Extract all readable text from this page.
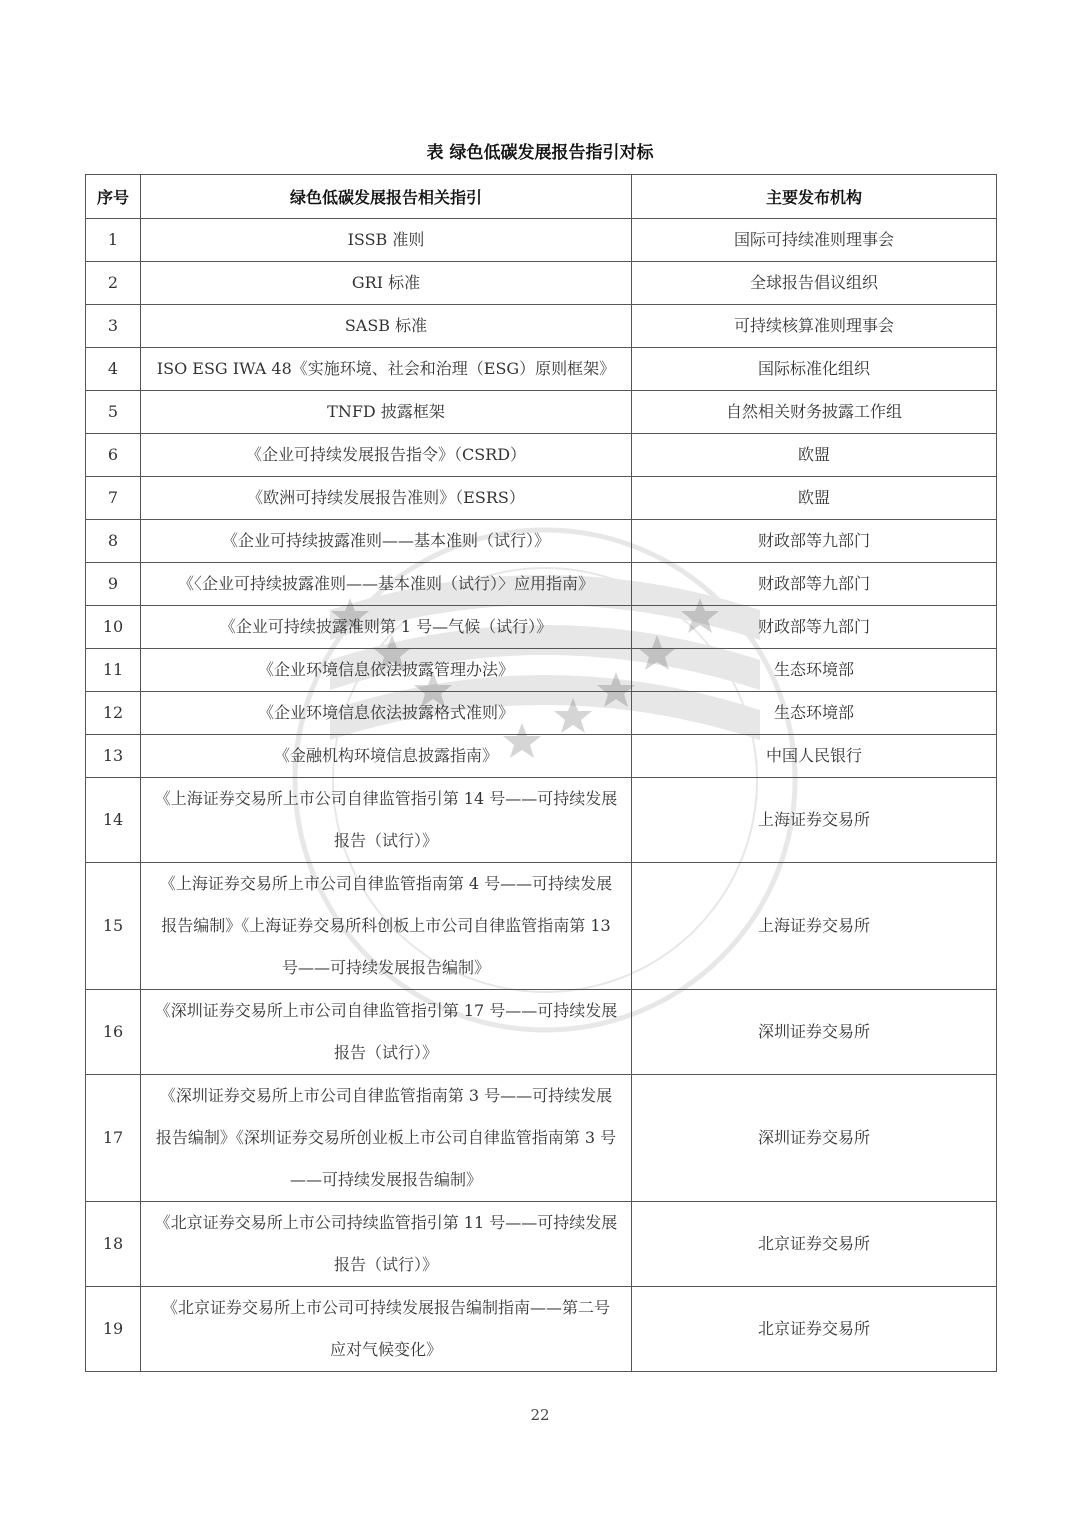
表 绿色低碳发展报告指引对标
序号	绿色低碳发展报告相关指引	主要发布机构
1	ISSB 准则	国际可持续准则理事会
2	GRI 标准	全球报告倡议组织
3	SASB 标准	可持续核算准则理事会
4	ISO ESG IWA 48《实施环境、社会和治理（ESG）原则框架》	国际标准化组织
5	TNFD 披露框架	自然相关财务披露工作组
6	《企业可持续发展报告指令》（CSRD）	欧盟
7	《欧洲可持续发展报告准则》（ESRS）	欧盟
8	《企业可持续披露准则——基本准则（试行）》	财政部等九部门
9	《〈企业可持续披露准则——基本准则（试行）〉应用指南》	财政部等九部门
10	《企业可持续披露准则第 1 号—气候（试行）》	财政部等九部门
11	《企业环境信息依法披露管理办法》	生态环境部
12	《企业环境信息依法披露格式准则》	生态环境部
13	《金融机构环境信息披露指南》	中国人民银行
14	《上海证券交易所上市公司自律监管指引第 14 号——可持续发展报告（试行）》	上海证券交易所
15	《上海证券交易所上市公司自律监管指南第 4 号——可持续发展报告编制》《上海证券交易所科创板上市公司自律监管指南第 13 号——可持续发展报告编制》	上海证券交易所
16	《深圳证券交易所上市公司自律监管指引第 17 号——可持续发展报告（试行）》	深圳证券交易所
17	《深圳证券交易所上市公司自律监管指南第 3 号——可持续发展报告编制》《深圳证券交易所创业板上市公司自律监管指南第 3 号——可持续发展报告编制》	深圳证券交易所
18	《北京证券交易所上市公司持续监管指引第 11 号——可持续发展报告（试行）》	北京证券交易所
19	《北京证券交易所上市公司可持续发展报告编制指南——第二号 应对气候变化》	北京证券交易所
22
